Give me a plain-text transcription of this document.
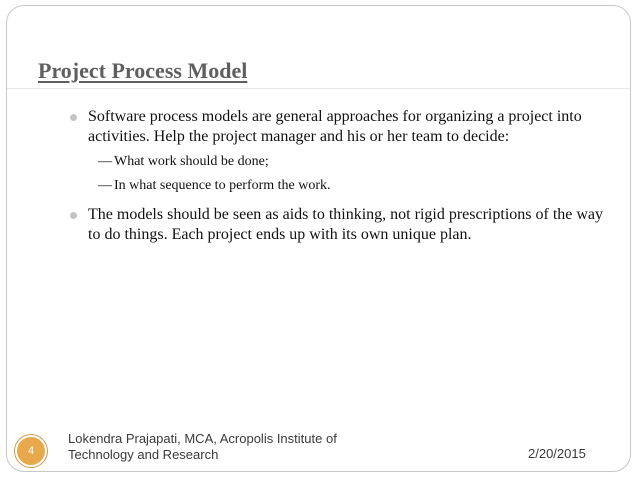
Project Process Model
Software process models are general approaches for organizing a project into activities. Help the project manager and his or her team to decide:
— What work should be done;
— In what sequence to perform the work.
The models should be seen as aids to thinking, not rigid prescriptions of the way to do things. Each project ends up with its own unique plan.
4
Lokendra Prajapati, MCA, Acropolis Institute of Technology and Research	2/20/2015
